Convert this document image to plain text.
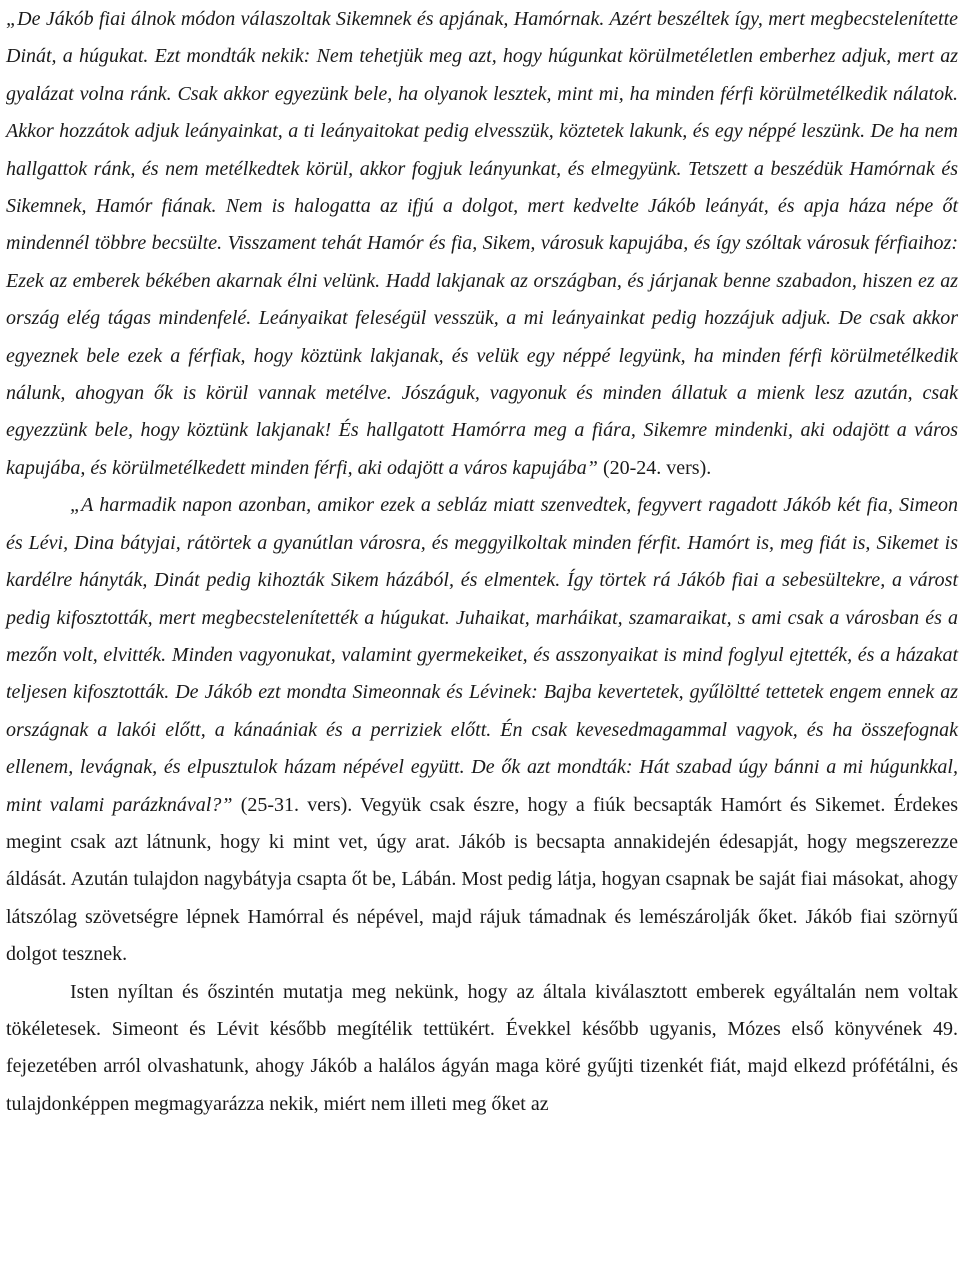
„De Jákób fiai álnok módon válaszoltak Sikemnek és apjának, Hamórnak. Azért beszéltek így, mert megbecstelenítette Dinát, a húgukat. Ezt mondták nekik: Nem tehetjük meg azt, hogy húgunkat körülmetéletlen emberhez adjuk, mert az gyalázat volna ránk. Csak akkor egyezünk bele, ha olyanok lesztek, mint mi, ha minden férfi körülmetélkedik nálatok. Akkor hozzátok adjuk leányainkat, a ti leányaitokat pedig elvesszük, köztetek lakunk, és egy néppé leszünk. De ha nem hallgattok ránk, és nem metélkedtek körül, akkor fogjuk leányunkat, és elmegyünk. Tetszett a beszédük Hamórnak és Sikemnek, Hamór fiának. Nem is halogatta az ifjú a dolgot, mert kedvelte Jákób leányát, és apja háza népe őt mindennél többre becsülte. Visszament tehát Hamór és fia, Sikem, városuk kapujába, és így szóltak városuk férfiaihoz: Ezek az emberek békében akarnak élni velünk. Hadd lakjanak az országban, és járjanak benne szabadon, hiszen ez az ország elég tágas mindenfelé. Leányaikat feleségül vesszük, a mi leányainkat pedig hozzájuk adjuk. De csak akkor egyeznek bele ezek a férfiak, hogy köztünk lakjanak, és velük egy néppé legyünk, ha minden férfi körülmetélkedik nálunk, ahogyan ők is körül vannak metélve. Jószáguk, vagyonuk és minden állatuk a mienk lesz azután, csak egyezzünk bele, hogy köztünk lakjanak! És hallgatott Hamórra meg a fiára, Sikemre mindenki, aki odajött a város kapujába, és körülmetélkedett minden férfi, aki odajött a város kapujába” (20-24. vers).

„A harmadik napon azonban, amikor ezek a sebláz miatt szenvedtek, fegyvert ragadott Jákób két fia, Simeon és Lévi, Dina bátyjai, rátörtek a gyanútlan városra, és meggyilkoltak minden férfit. Hamórt is, meg fiát is, Sikemet is kardélre hányták, Dinát pedig kihozták Sikem házából, és elmentek. Így törtek rá Jákób fiai a sebesültekre, a várost pedig kifosztották, mert megbecstelenítették a húgukat. Juhaikat, marháikat, szamaraikat, s ami csak a városban és a mezőn volt, elvitték. Minden vagyonukat, valamint gyermekeiket, és asszonyaikat is mind foglyul ejtették, és a házakat teljesen kifosztották. De Jákób ezt mondta Simeonnak és Lévinek: Bajba kevertetek, gyűlöltté tettetek engem ennek az országnak a lakói előtt, a kánaániak és a perriziek előtt. Én csak kevesedmagammal vagyok, és ha összefognak ellenem, levágnak, és elpusztulok házam népével együtt. De ők azt mondták: Hát szabad úgy bánni a mi húgunkkal, mint valami parázknával?” (25-31. vers). Vegyük csak észre, hogy a fiúk becsapták Hamórt és Sikemet. Érdekes megint csak azt látnunk, hogy ki mint vet, úgy arat. Jákób is becsapta annakidején édesapját, hogy megszerezze áldását. Azután tulajdon nagybátyja csapta őt be, Lábán. Most pedig látja, hogyan csapnak be saját fiai másokat, ahogy látszólag szövetségre lépnek Hamórral és népével, majd rájuk támadnak és lemészárolják őket. Jákób fiai szörnyű dolgot tesznek.

Isten nyíltan és őszintén mutatja meg nekünk, hogy az általa kiválasztott emberek egyáltalán nem voltak tökéletesek. Simeont és Lévit később megítélik tettükért. Évekkel később ugyanis, Mózes első könyvének 49. fejezetében arról olvashatunk, ahogy Jákób a halálos ágyán maga köré gyűjti tizenkét fiát, majd elkezd prófétálni, és tulajdonképpen megmagyarázza nekik, miért nem illeti meg őket az
